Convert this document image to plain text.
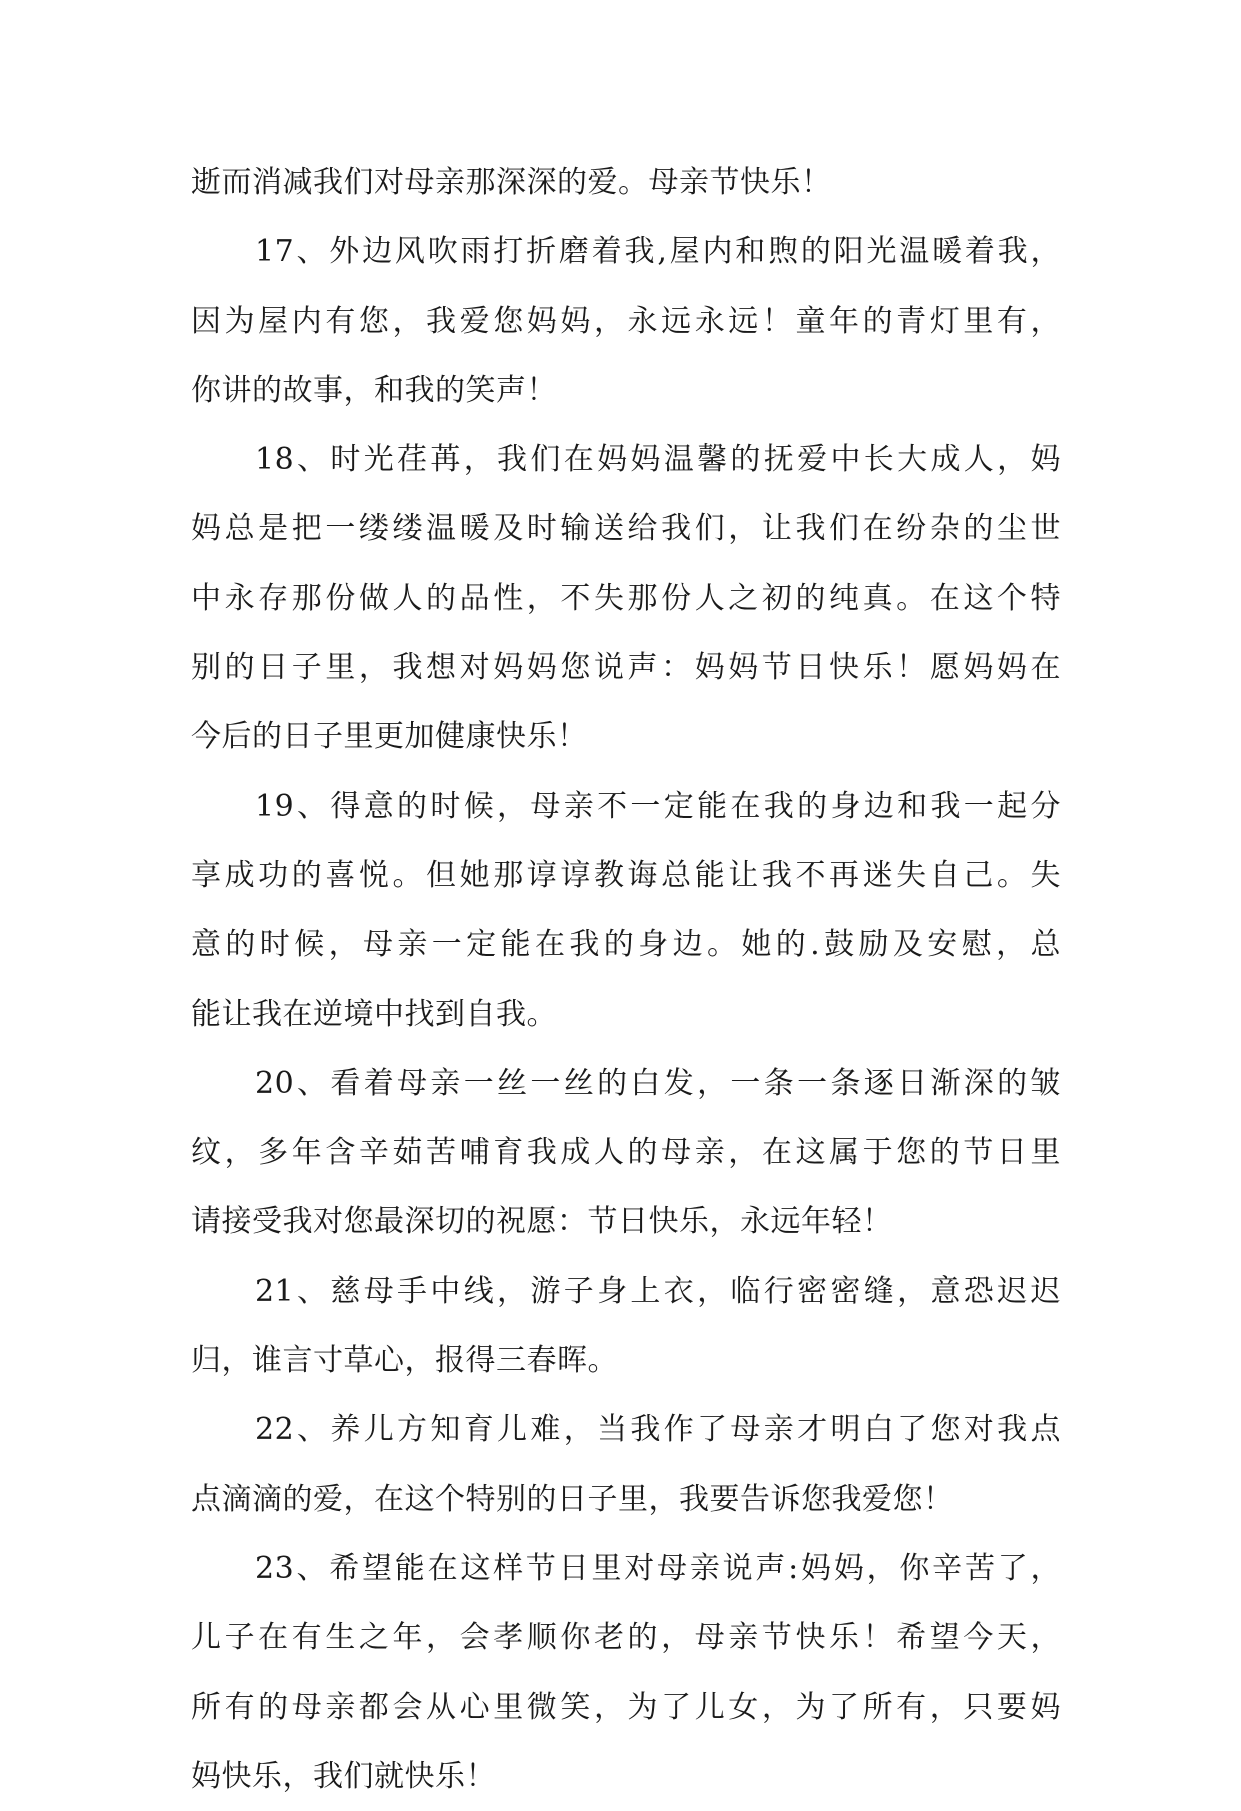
逝而消减我们对母亲那深深的爱。母亲节快乐！
17、外边风吹雨打折磨着我,屋内和煦的阳光温暖着我，
因为屋内有您，我爱您妈妈，永远永远！童年的青灯里有，
你讲的故事，和我的笑声！
18、时光荏苒，我们在妈妈温馨的抚爱中长大成人，妈
妈总是把一缕缕温暖及时输送给我们，让我们在纷杂的尘世
中永存那份做人的品性，不失那份人之初的纯真。在这个特
别的日子里，我想对妈妈您说声：妈妈节日快乐！愿妈妈在
今后的日子里更加健康快乐！
19、得意的时候，母亲不一定能在我的身边和我一起分
享成功的喜悦。但她那谆谆教诲总能让我不再迷失自己。失
意的时候，母亲一定能在我的身边。她的.鼓励及安慰，总
能让我在逆境中找到自我。
20、看着母亲一丝一丝的白发，一条一条逐日渐深的皱
纹，多年含辛茹苦哺育我成人的母亲，在这属于您的节日里
请接受我对您最深切的祝愿：节日快乐，永远年轻！
21、慈母手中线，游子身上衣，临行密密缝，意恐迟迟
归，谁言寸草心，报得三春晖。
22、养儿方知育儿难，当我作了母亲才明白了您对我点
点滴滴的爱，在这个特别的日子里，我要告诉您我爱您！
23、希望能在这样节日里对母亲说声:妈妈，你辛苦了，
儿子在有生之年，会孝顺你老的，母亲节快乐！希望今天，
所有的母亲都会从心里微笑，为了儿女，为了所有，只要妈
妈快乐，我们就快乐！
